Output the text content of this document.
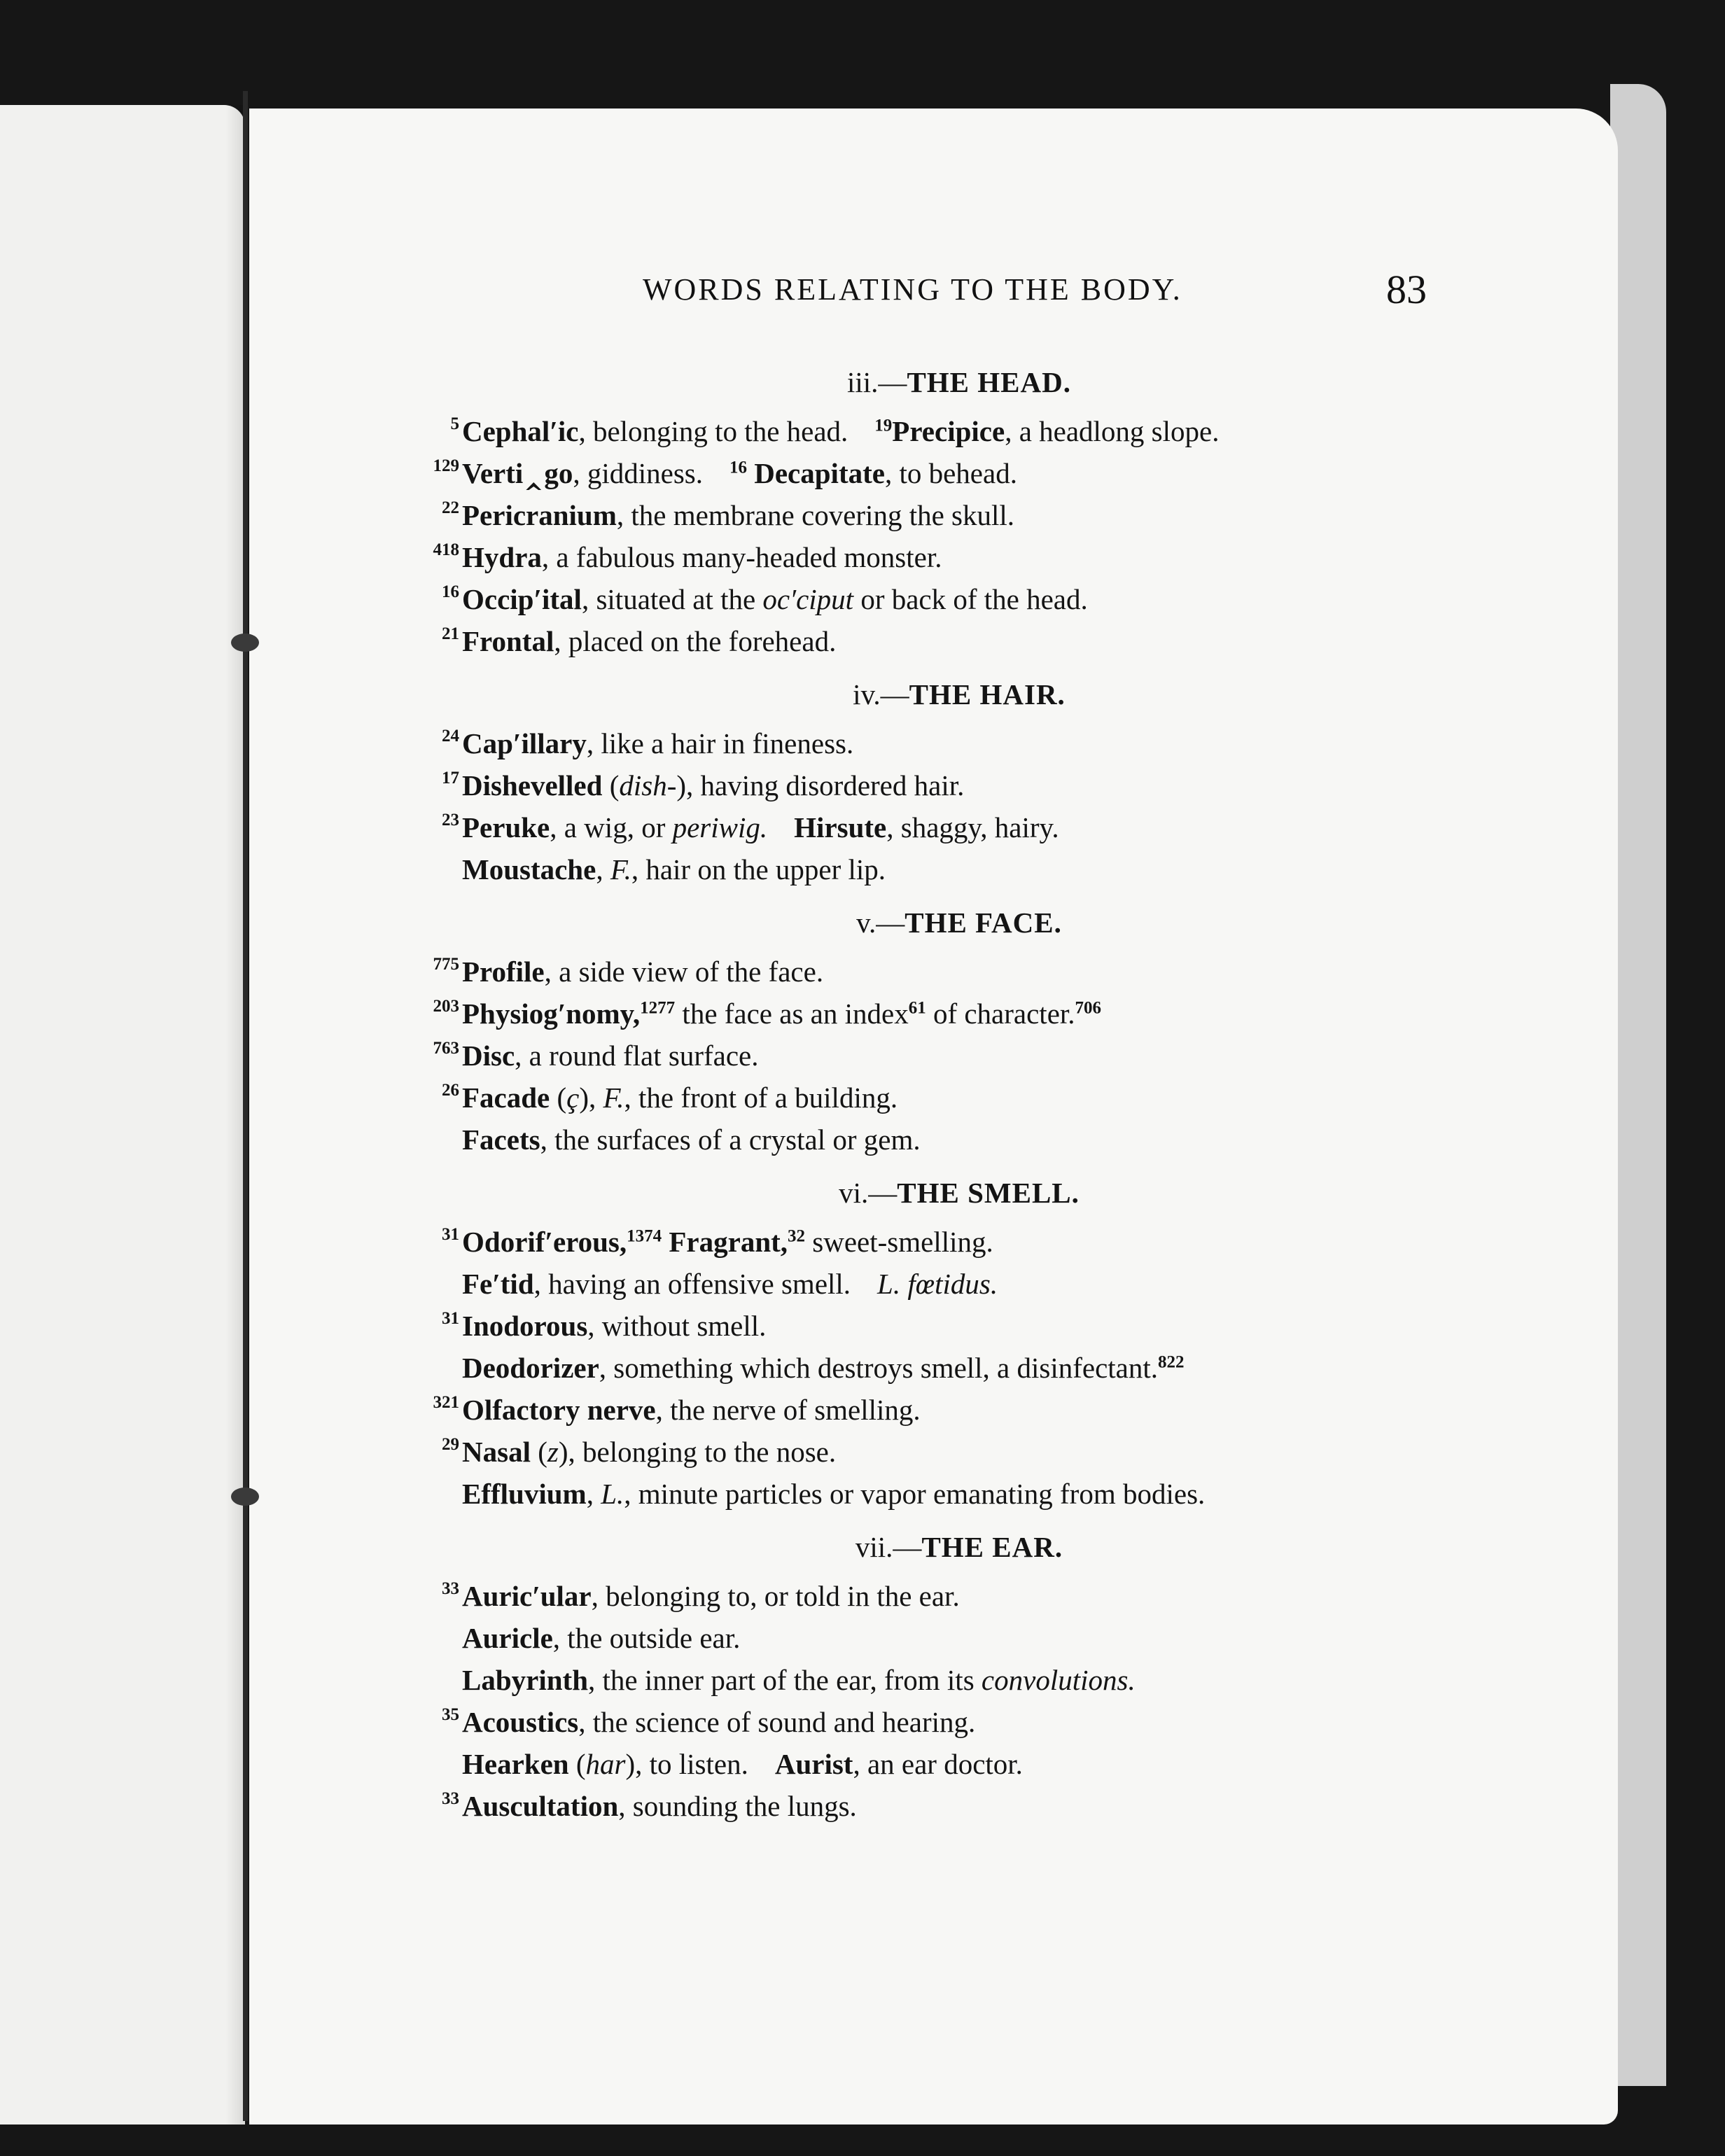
WORDS RELATING TO THE BODY.	83
iii.—THE HEAD.
5 Cephal′ic, belonging to the head. $^{19}$Precipice, a headlong slope.
129 Verti‸go, giddiness. $^{16}$ Decapitate, to behead.
22 Pericranium, the membrane covering the skull.
418 Hydra, a fabulous many-headed monster.
16 Occip′ital, situated at the oc′ciput or back of the head.
21 Frontal, placed on the forehead.
iv.—THE HAIR.
24 Cap′illary, like a hair in fineness.
17 Dishevelled (dish-), having disordered hair.
23 Peruke, a wig, or periwig. Hirsute, shaggy, hairy.
Moustache, F., hair on the upper lip.
v.—THE FACE.
775 Profile, a side view of the face.
203 Physiog′nomy,$^{1277}$ the face as an index$^{61}$ of character.$^{706}$
763 Disc, a round flat surface.
26 Facade (ç), F., the front of a building.
Facets, the surfaces of a crystal or gem.
vi.—THE SMELL.
31 Odorif′erous,$^{1374}$ Fragrant,$^{32}$ sweet-smelling.
Fe′tid, having an offensive smell. L. fœtidus.
31 Inodorous, without smell.
Deodorizer, something which destroys smell, a disinfectant.$^{822}$
321 Olfactory nerve, the nerve of smelling.
29 Nasal (z), belonging to the nose.
Effluvium, L., minute particles or vapor emanating from bodies.
vii.—THE EAR.
33 Auric′ular, belonging to, or told in the ear.
Auricle, the outside ear.
Labyrinth, the inner part of the ear, from its convolutions.
35 Acoustics, the science of sound and hearing.
Hearken (har), to listen. Aurist, an ear doctor.
33 Auscultation, sounding the lungs.
